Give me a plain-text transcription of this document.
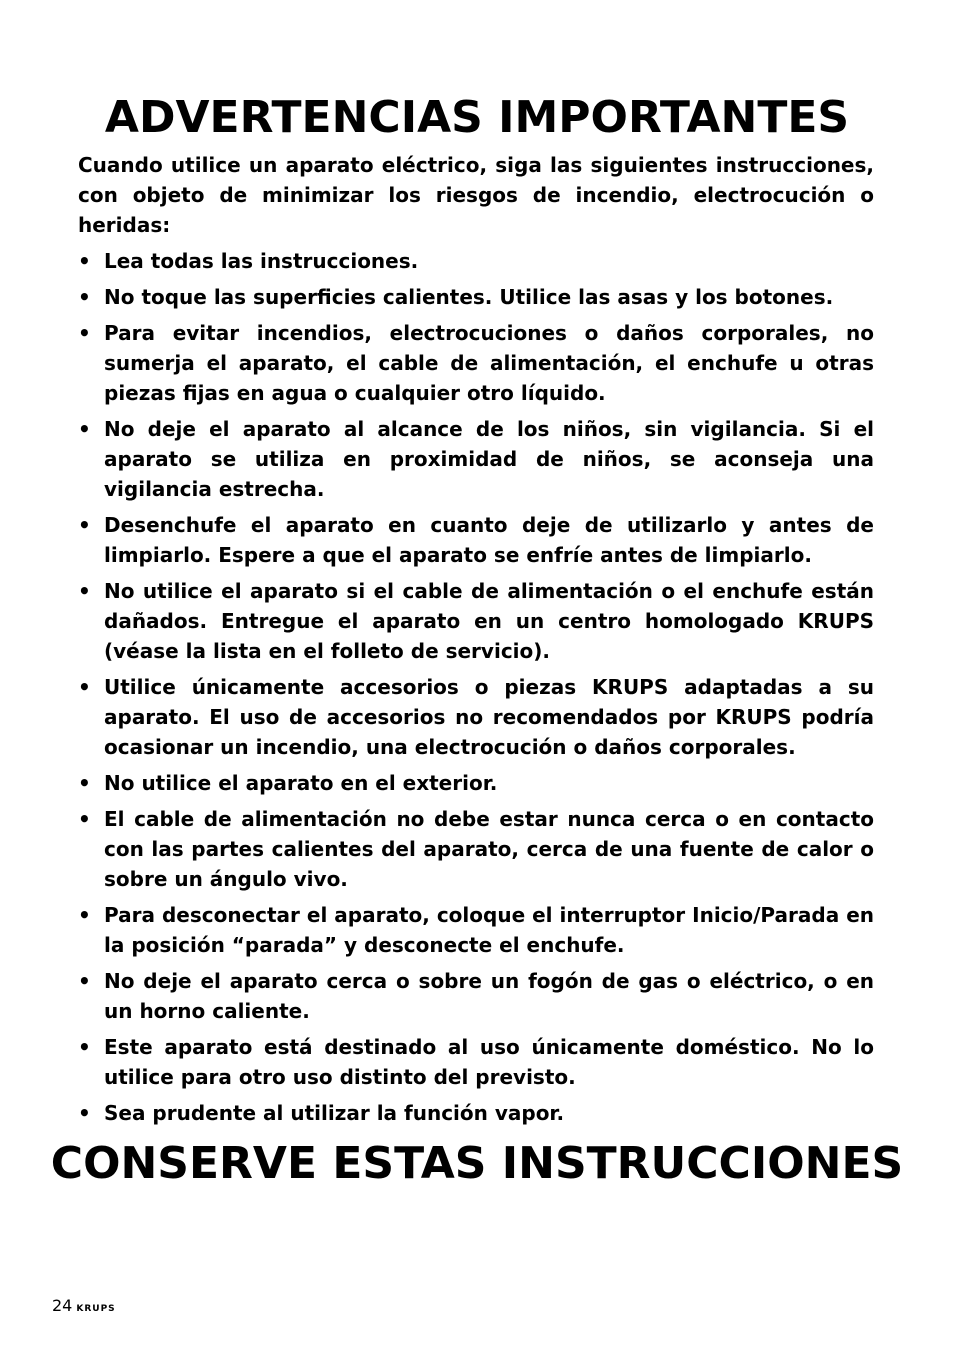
ADVERTENCIAS IMPORTANTES

Cuando utilice un aparato eléctrico, siga las siguientes instrucciones, con objeto de minimizar los riesgos de incendio, electrocución o heridas:

• Lea todas las instrucciones.
• No toque las superficies calientes. Utilice las asas y los botones.
• Para evitar incendios, electrocuciones o daños corporales, no sumerja el aparato, el cable de alimentación, el enchufe u otras piezas fijas en agua o cualquier otro líquido.
• No deje el aparato al alcance de los niños, sin vigilancia. Si el aparato se utiliza en proximidad de niños, se aconseja una vigilancia estrecha.
• Desenchufe el aparato en cuanto deje de utilizarlo y antes de limpiarlo. Espere a que el aparato se enfríe antes de limpiarlo.
• No utilice el aparato si el cable de alimentación o el enchufe están dañados. Entregue el aparato en un centro homologado KRUPS (véase la lista en el folleto de servicio).
• Utilice únicamente accesorios o piezas KRUPS adaptadas a su aparato. El uso de accesorios no recomendados por KRUPS podría ocasionar un incendio, una electrocución o daños corporales.
• No utilice el aparato en el exterior.
• El cable de alimentación no debe estar nunca cerca o en contacto con las partes calientes del aparato, cerca de una fuente de calor o sobre un ángulo vivo.
• Para desconectar el aparato, coloque el interruptor Inicio/Parada en la posición “parada” y desconecte el enchufe.
• No deje el aparato cerca o sobre un fogón de gas o eléctrico, o en un horno caliente.
• Este aparato está destinado al uso únicamente doméstico. No lo utilice para otro uso distinto del previsto.
• Sea prudente al utilizar la función vapor.
CONSERVE ESTAS INSTRUCCIONES
24 KRUPS
